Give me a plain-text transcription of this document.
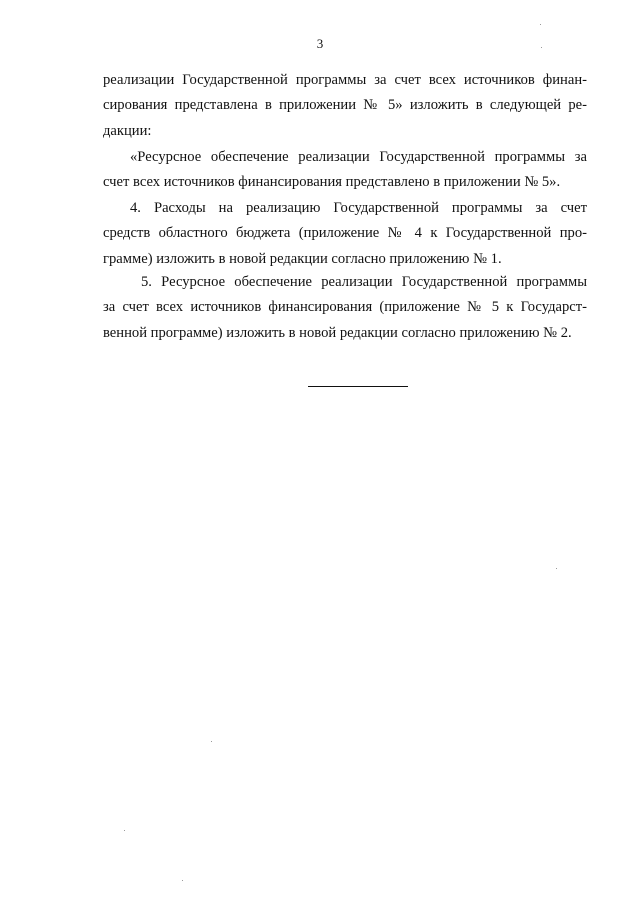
3
реализации Государственной программы за счет всех источников финан-
сирования представлена в приложении № 5» изложить в следующей ре-
дакции:
«Ресурсное обеспечение реализации Государственной программы за
счет всех источников финансирования представлено в приложении № 5».
4. Расходы на реализацию Государственной программы за счет
средств областного бюджета (приложение № 4 к Государственной про-
грамме) изложить в новой редакции согласно приложению № 1.
5. Ресурсное обеспечение реализации Государственной программы
за счет всех источников финансирования (приложение № 5 к Государст-
венной программе) изложить в новой редакции согласно приложению № 2.
